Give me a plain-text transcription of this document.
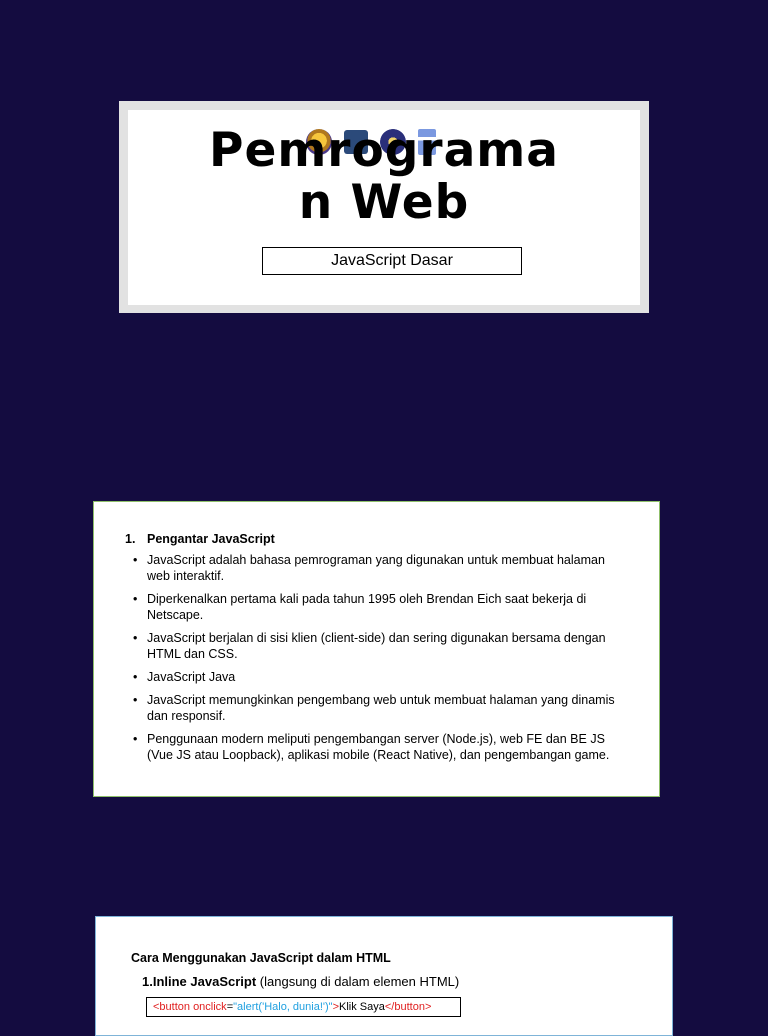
Pemrograma
n Web
JavaScript Dasar
1. Pengantar JavaScript
• JavaScript adalah bahasa pemrograman yang digunakan untuk membuat halaman web interaktif.
• Diperkenalkan pertama kali pada tahun 1995 oleh Brendan Eich saat bekerja di Netscape.
• JavaScript berjalan di sisi klien (client-side) dan sering digunakan bersama dengan HTML dan CSS.
• JavaScript Java
• JavaScript memungkinkan pengembang web untuk membuat halaman yang dinamis dan responsif.
• Penggunaan modern meliputi pengembangan server (Node.js), web FE dan BE JS (Vue JS atau Loopback), aplikasi mobile (React Native), dan pengembangan game.
Cara Menggunakan JavaScript dalam HTML
1.Inline JavaScript (langsung di dalam elemen HTML)
<button onclick="alert('Halo, dunia!')">Klik Saya</button>
